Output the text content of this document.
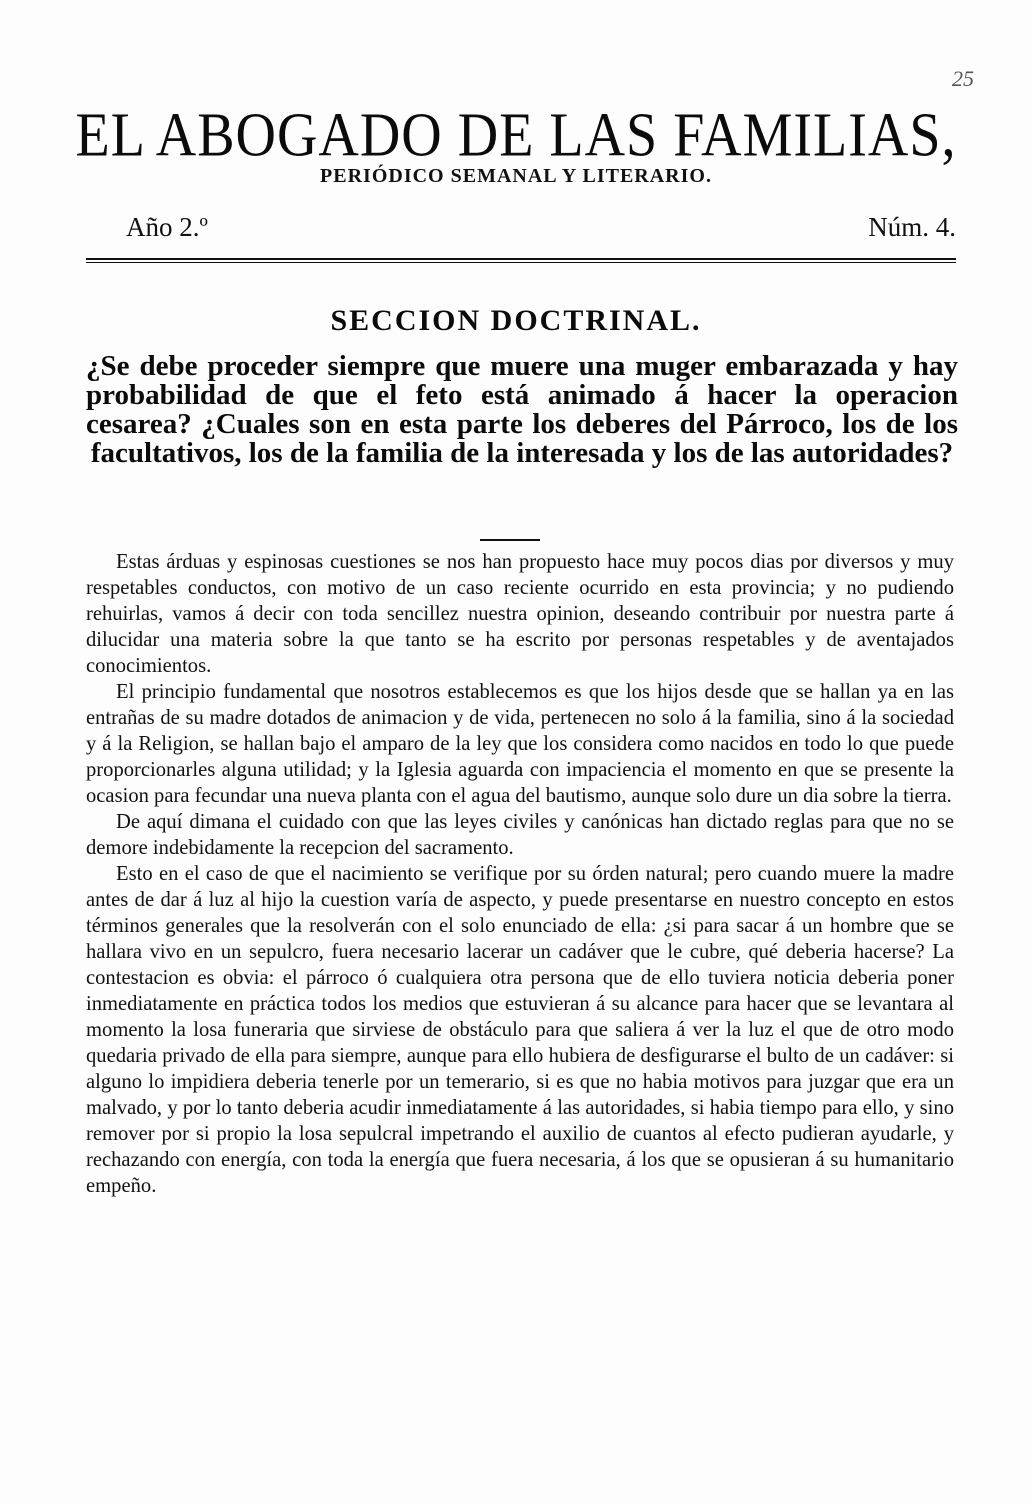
25
EL ABOGADO DE LAS FAMILIAS,
PERIÓDICO SEMANAL Y LITERARIO.
Año 2.º	Núm. 4.
SECCION DOCTRINAL.
¿Se debe proceder siempre que muere una muger embarazada y hay probabilidad de que el feto está animado á hacer la operacion cesarea? ¿Cuales son en esta parte los deberes del Párroco, los de los facultativos, los de la familia de la interesada y los de las autoridades?

Estas árduas y espinosas cuestiones se nos han propuesto hace muy pocos dias por diversos y muy respetables conductos, con motivo de un caso reciente ocurrido en esta provincia; y no pudiendo rehuirlas, vamos á decir con toda sencillez nuestra opinion, deseando contribuir por nuestra parte á dilucidar una materia sobre la que tanto se ha escrito por personas respetables y de aventajados conocimientos.

El principio fundamental que nosotros establecemos es que los hijos desde que se hallan ya en las entrañas de su madre dotados de animacion y de vida, pertenecen no solo á la familia, sino á la sociedad y á la Religion, se hallan bajo el amparo de la ley que los considera como nacidos en todo lo que puede proporcionarles alguna utilidad; y la Iglesia aguarda con impaciencia el momento en que se presente la ocasion para fecundar una nueva planta con el agua del bautismo, aunque solo dure un dia sobre la tierra.

De aquí dimana el cuidado con que las leyes civiles y canónicas han dictado reglas para que no se demore indebidamente la recepcion del sacramento.

Esto en el caso de que el nacimiento se verifique por su órden natural; pero cuando muere la madre antes de dar á luz al hijo la cuestion varía de aspecto, y puede presentarse en nuestro concepto en estos términos generales que la resolverán con el solo enunciado de ella: ¿si para sacar á un hombre que se hallara vivo en un sepulcro, fuera necesario lacerar un cadáver que le cubre, qué deberia hacerse? La contestacion es obvia: el párroco ó cualquiera otra persona que de ello tuviera noticia deberia poner inmediatamente en práctica todos los medios que estuvieran á su alcance para hacer que se levantara al momento la losa funeraria que sirviese de obstáculo para que saliera á ver la luz el que de otro modo quedaria privado de ella para siempre, aunque para ello hubiera de desfigurarse el bulto de un cadáver: si alguno lo impidiera deberia tenerle por un temerario, si es que no habia motivos para juzgar que era un malvado, y por lo tanto deberia acudir inmediatamente á las autoridades, si habia tiempo para ello, y sino remover por si propio la losa sepulcral impetrando el auxilio de cuantos al efecto pudieran ayudarle, y rechazando con energía, con toda la energía que fuera necesaria, á los que se opusieran á su humanitario empeño.
